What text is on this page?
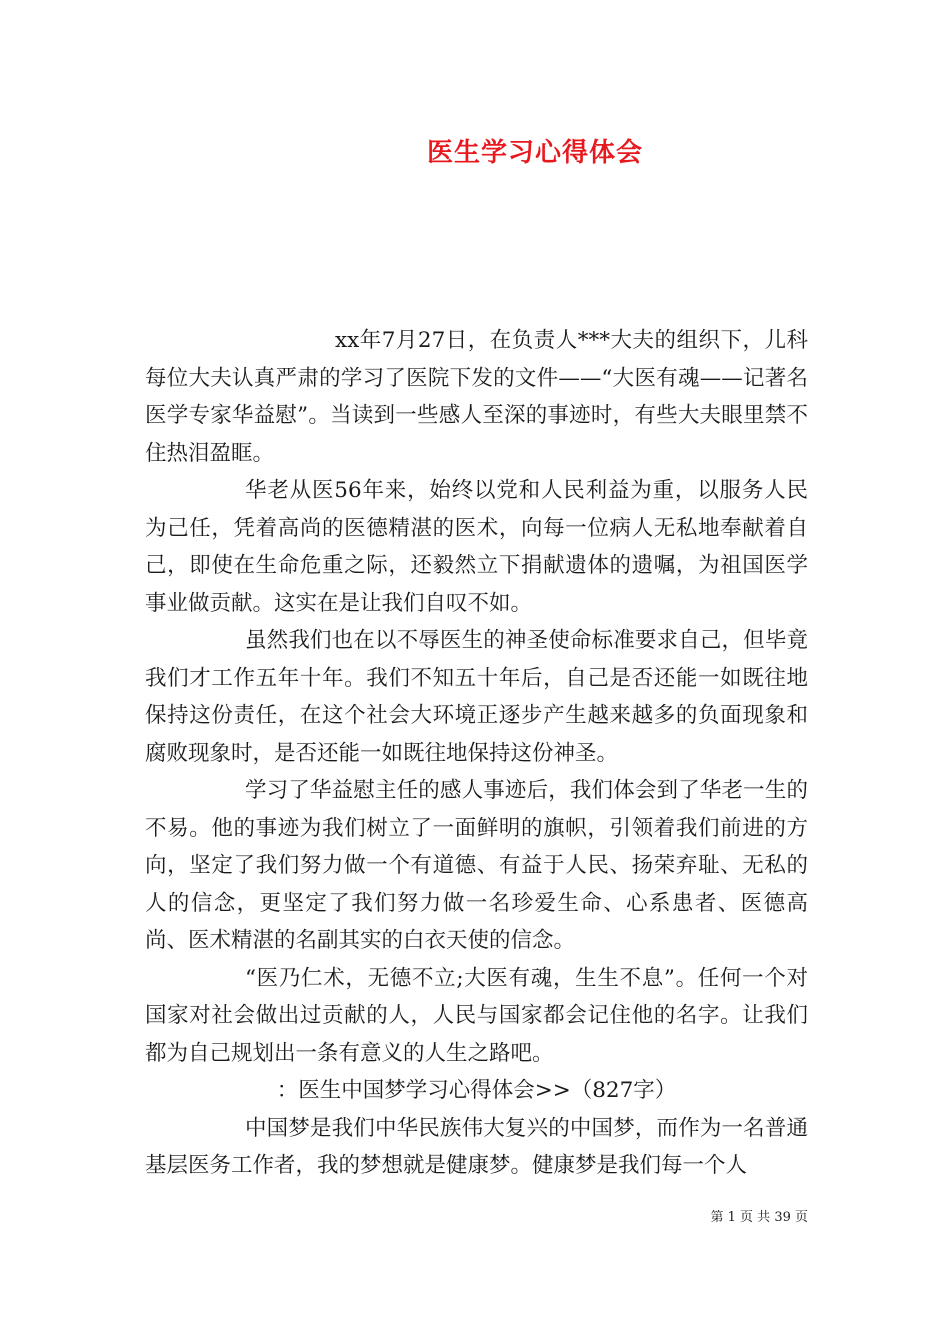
医生学习心得体会

xx年7月27日，在负责人***大夫的组织下，儿科每位大夫认真严肃的学习了医院下发的文件——“大医有魂——记著名医学专家华益慰”。当读到一些感人至深的事迹时，有些大夫眼里禁不住热泪盈眶。

华老从医56年来，始终以党和人民利益为重，以服务人民为己任，凭着高尚的医德精湛的医术，向每一位病人无私地奉献着自己，即使在生命危重之际，还毅然立下捐献遗体的遗嘱，为祖国医学事业做贡献。这实在是让我们自叹不如。

虽然我们也在以不辱医生的神圣使命标准要求自己，但毕竟我们才工作五年十年。我们不知五十年后，自己是否还能一如既往地保持这份责任，在这个社会大环境正逐步产生越来越多的负面现象和腐败现象时，是否还能一如既往地保持这份神圣。

学习了华益慰主任的感人事迹后，我们体会到了华老一生的不易。他的事迹为我们树立了一面鲜明的旗帜，引领着我们前进的方向，坚定了我们努力做一个有道德、有益于人民、扬荣弃耻、无私的人的信念，更坚定了我们努力做一名珍爱生命、心系患者、医德高尚、医术精湛的名副其实的白衣天使的信念。

“医乃仁术，无德不立;大医有魂，生生不息”。任何一个对国家对社会做出过贡献的人，人民与国家都会记住他的名字。让我们都为自己规划出一条有意义的人生之路吧。

：医生中国梦学习心得体会>>（827字）

中国梦是我们中华民族伟大复兴的中国梦，而作为一名普通基层医务工作者，我的梦想就是健康梦。健康梦是我们每一个人

第 1 页 共 39 页
